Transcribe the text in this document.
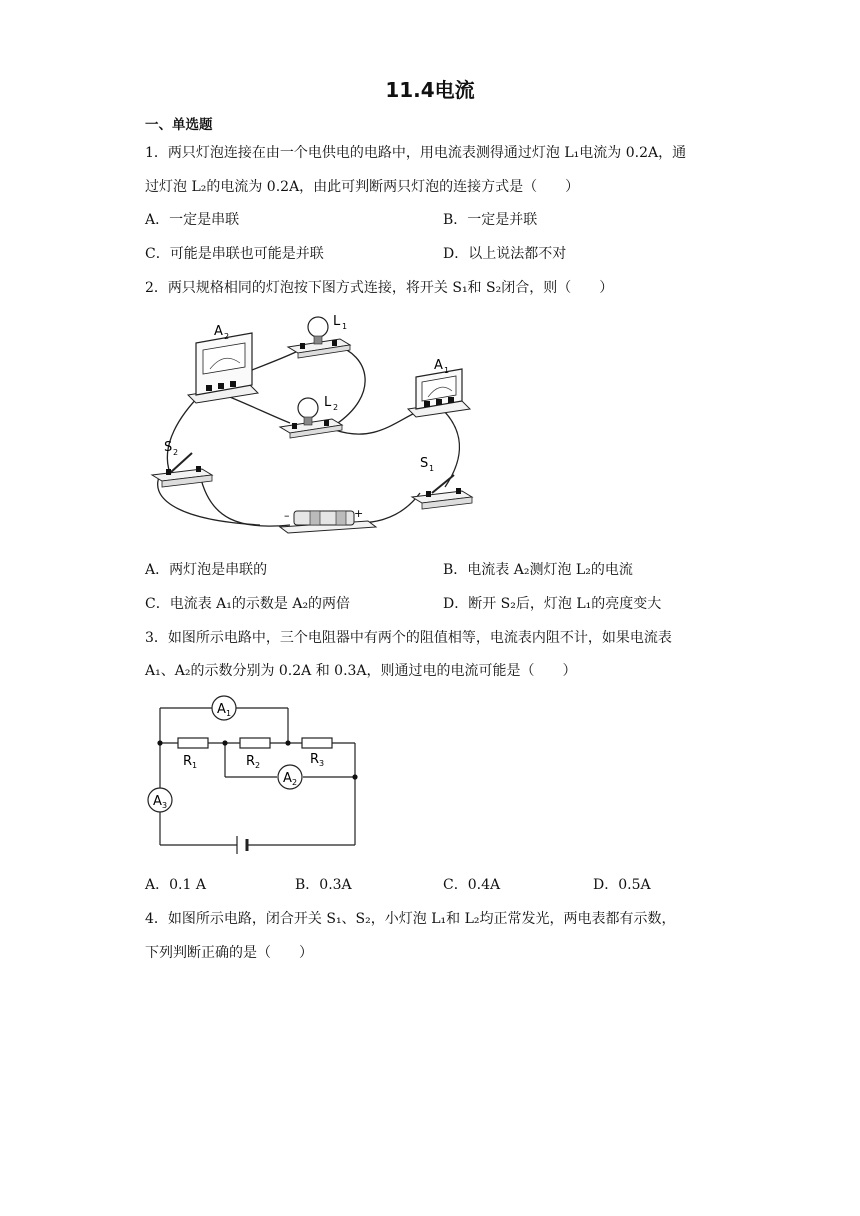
11.4电流
一、单选题
1．两只灯泡连接在由一个电供电的电路中，用电流表测得通过灯泡 L₁电流为 0.2A，通
过灯泡 L₂的电流为 0.2A，由此可判断两只灯泡的连接方式是（　　）
A．一定是串联	B．一定是并联
C．可能是串联也可能是并联	D．以上说法都不对
2．两只规格相同的灯泡按下图方式连接，将开关 S₁和 S₂闭合，则（　　）
A 2
L 1
L 2
A 1
S 2
S 1
–	+
A．两灯泡是串联的	B．电流表 A₂测灯泡 L₂的电流
C．电流表 A₁的示数是 A₂的两倍	D．断开 S₂后，灯泡 L₁的亮度变大
3．如图所示电路中，三个电阻器中有两个的阻值相等，电流表内阻不计，如果电流表
A₁、A₂的示数分别为 0.2A 和 0.3A，则通过电的电流可能是（　　）
A 1
A 2
A 3
R 1	R 2	R 3
A．0.1 A	B．0.3A	C．0.4A	D．0.5A
4．如图所示电路，闭合开关 S₁、S₂，小灯泡 L₁和 L₂均正常发光，两电表都有示数，
下列判断正确的是（　　）
